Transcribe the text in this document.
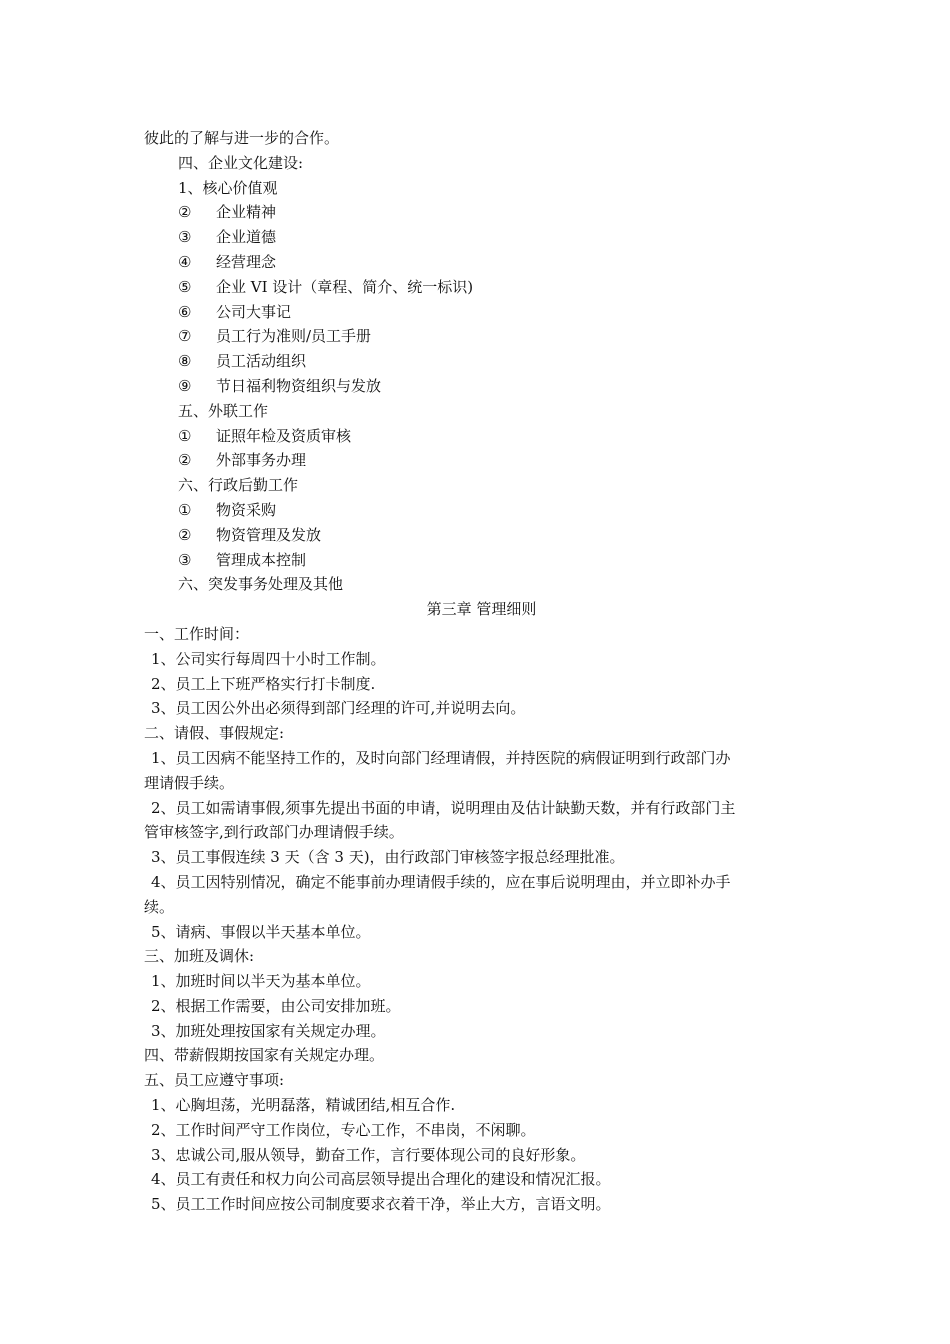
彼此的了解与进一步的合作。
四、企业文化建设:
1、核心价值观
② 企业精神
③ 企业道德
④ 经营理念
⑤ 企业 VI 设计（章程、简介、统一标识)
⑥ 公司大事记
⑦ 员工行为准则/员工手册
⑧ 员工活动组织
⑨ 节日福利物资组织与发放
五、外联工作
① 证照年检及资质审核
② 外部事务办理
六、行政后勤工作
① 物资采购
② 物资管理及发放
③ 管理成本控制
六、突发事务处理及其他
第三章 管理细则
一、工作时间：
1、公司实行每周四十小时工作制。
2、员工上下班严格实行打卡制度.
3、员工因公外出必须得到部门经理的许可,并说明去向。
二、请假、事假规定:
1、员工因病不能坚持工作的，及时向部门经理请假，并持医院的病假证明到行政部门办
理请假手续。
2、员工如需请事假,须事先提出书面的申请，说明理由及估计缺勤天数，并有行政部门主
管审核签字,到行政部门办理请假手续。
3、员工事假连续 3 天（含 3 天)，由行政部门审核签字报总经理批准。
4、员工因特别情况，确定不能事前办理请假手续的，应在事后说明理由，并立即补办手
续。
5、请病、事假以半天基本单位。
三、加班及调休:
1、加班时间以半天为基本单位。
2、根据工作需要，由公司安排加班。
3、加班处理按国家有关规定办理。
四、带薪假期按国家有关规定办理。
五、员工应遵守事项:
1、心胸坦荡，光明磊落，精诚团结,相互合作.
2、工作时间严守工作岗位，专心工作，不串岗，不闲聊。
3、忠诚公司,服从领导，勤奋工作，言行要体现公司的良好形象。
4、员工有责任和权力向公司高层领导提出合理化的建设和情况汇报。
5、员工工作时间应按公司制度要求衣着干净，举止大方，言语文明。
